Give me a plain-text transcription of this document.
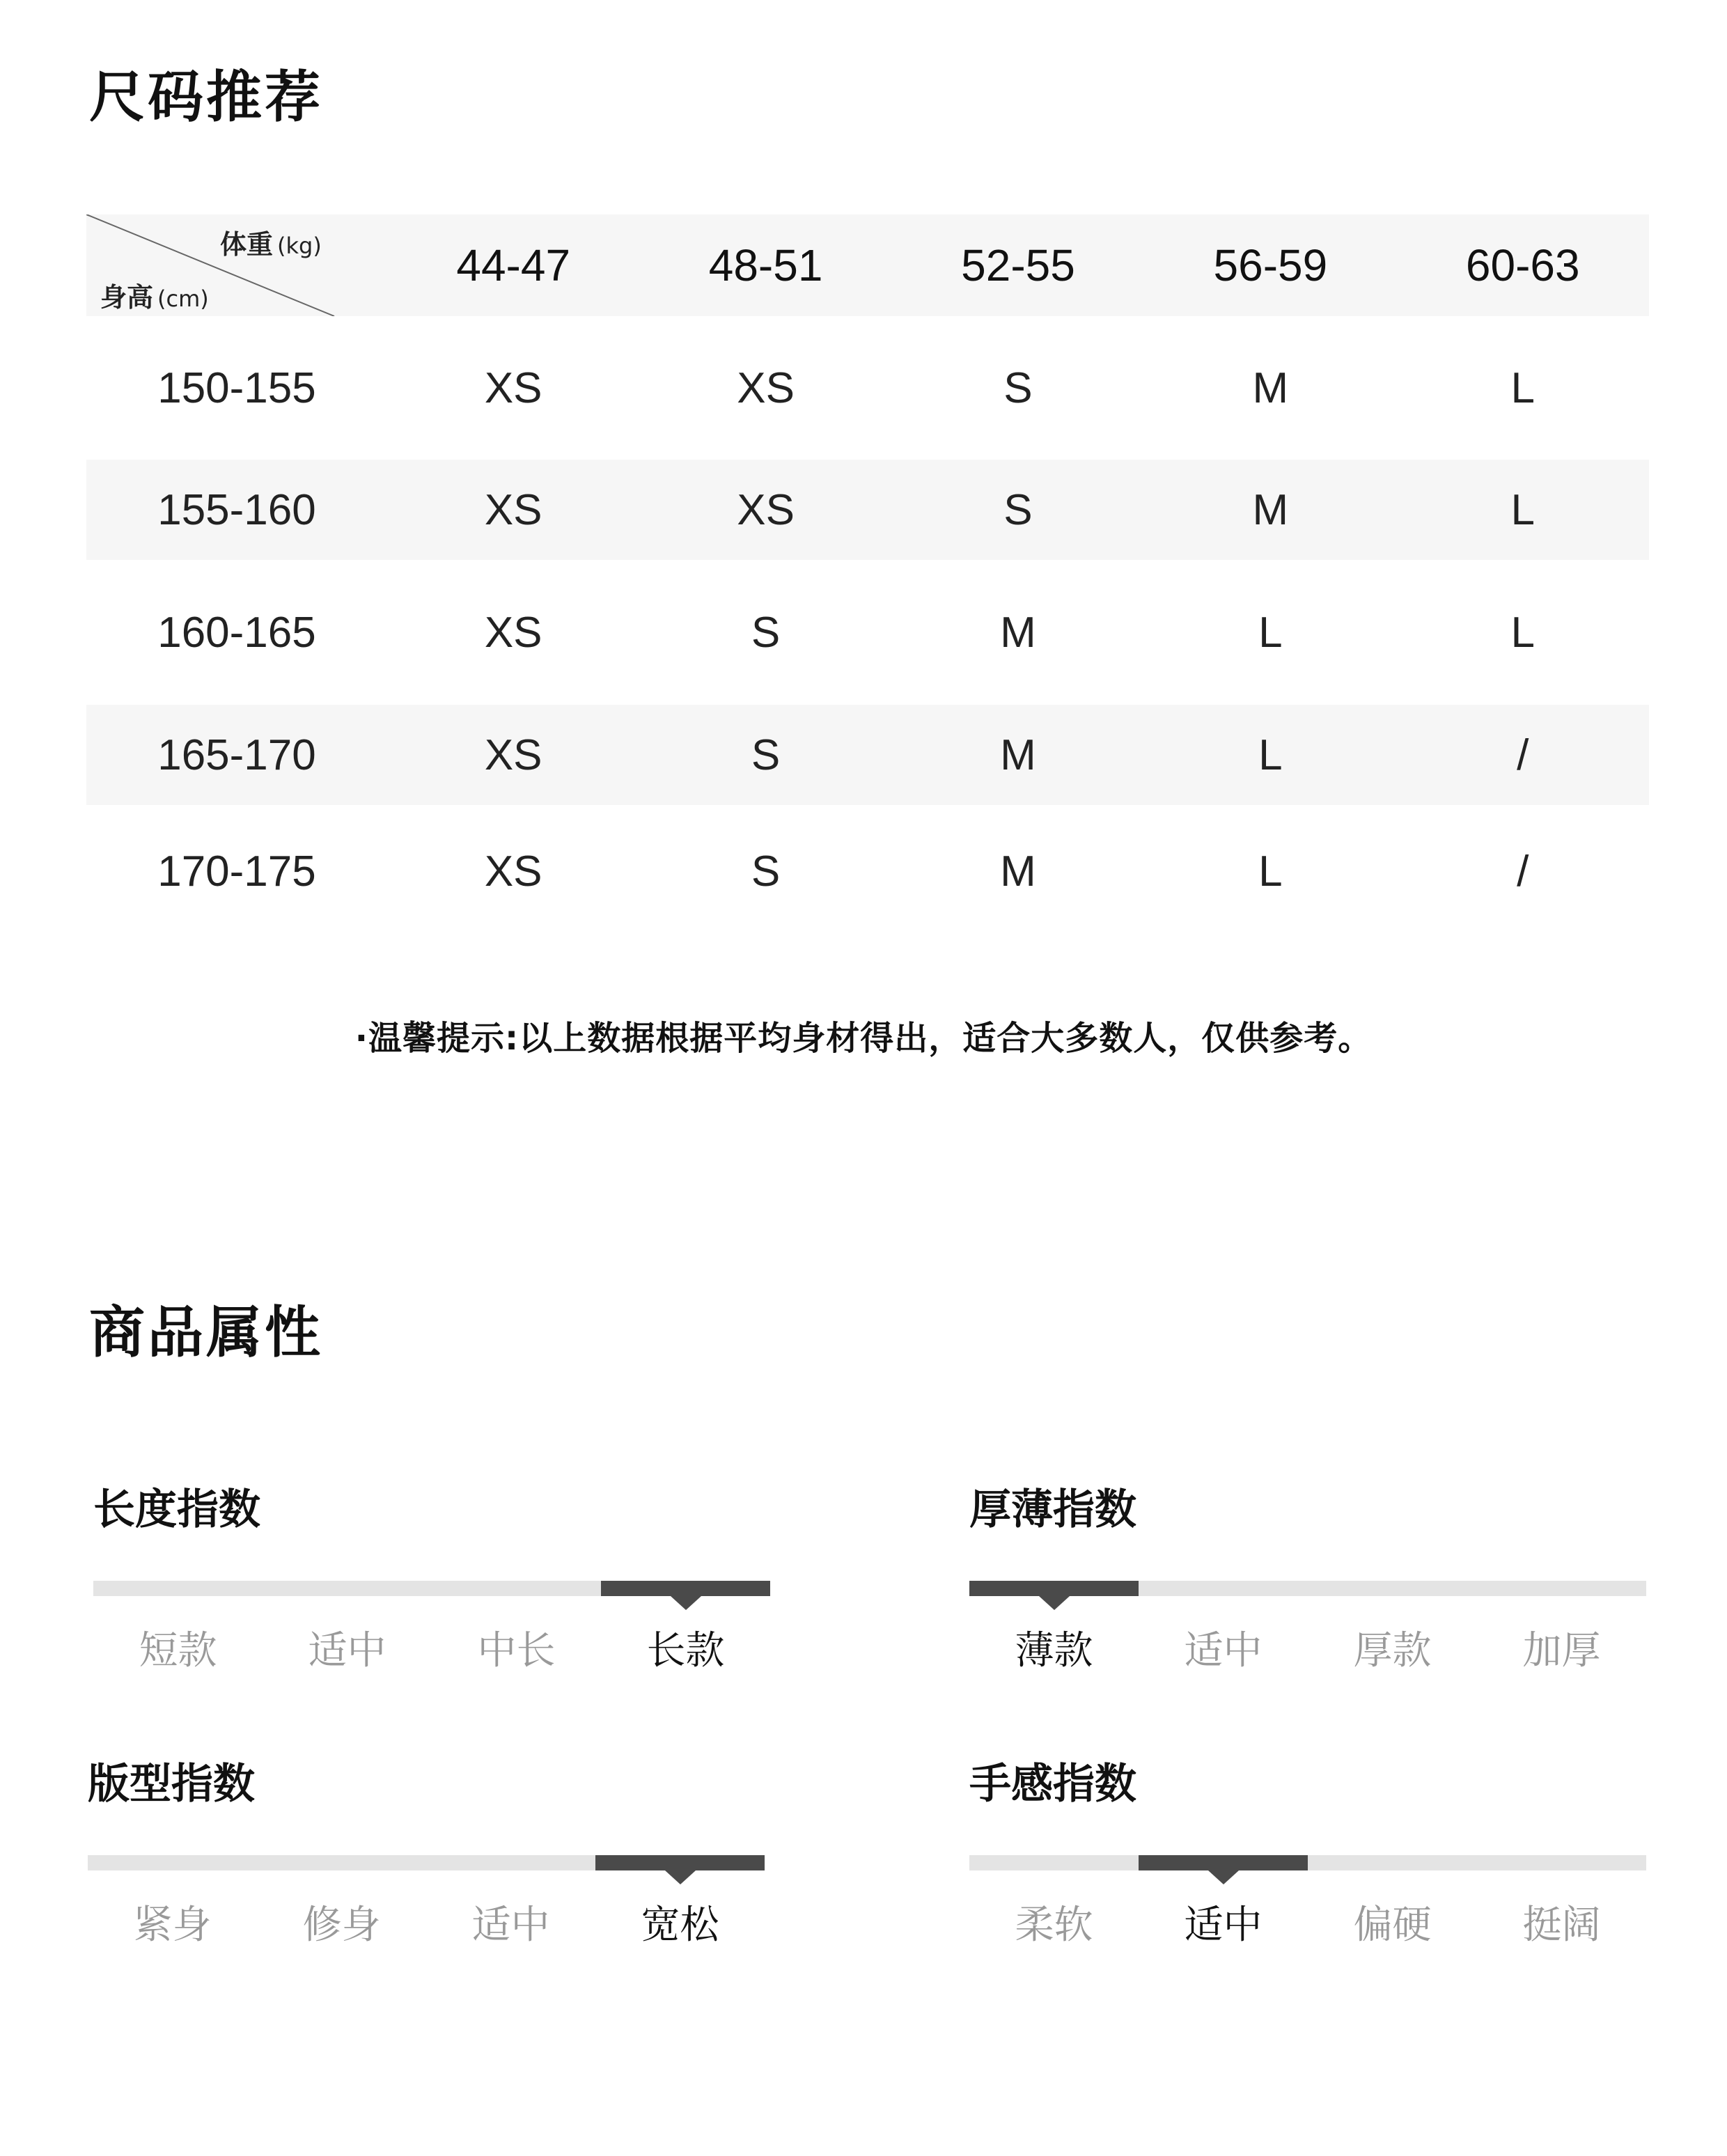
尺码推荐
体重 (kg)
身高 (cm)
44-47	48-51	52-55	56-59	60-63
150-155	XS	XS	S	M	L
155-160	XS	XS	S	M	L
160-165	XS	S	M	L	L
165-170	XS	S	M	L	/
170-175	XS	S	M	L	/
·温馨提示:以上数据根据平均身材得出，适合大多数人，仅供参考。
商品属性
长度指数
短款	适中	中长	长款
厚薄指数
薄款	适中	厚款	加厚
版型指数
紧身	修身	适中	宽松
手感指数
柔软	适中	偏硬	挺阔
